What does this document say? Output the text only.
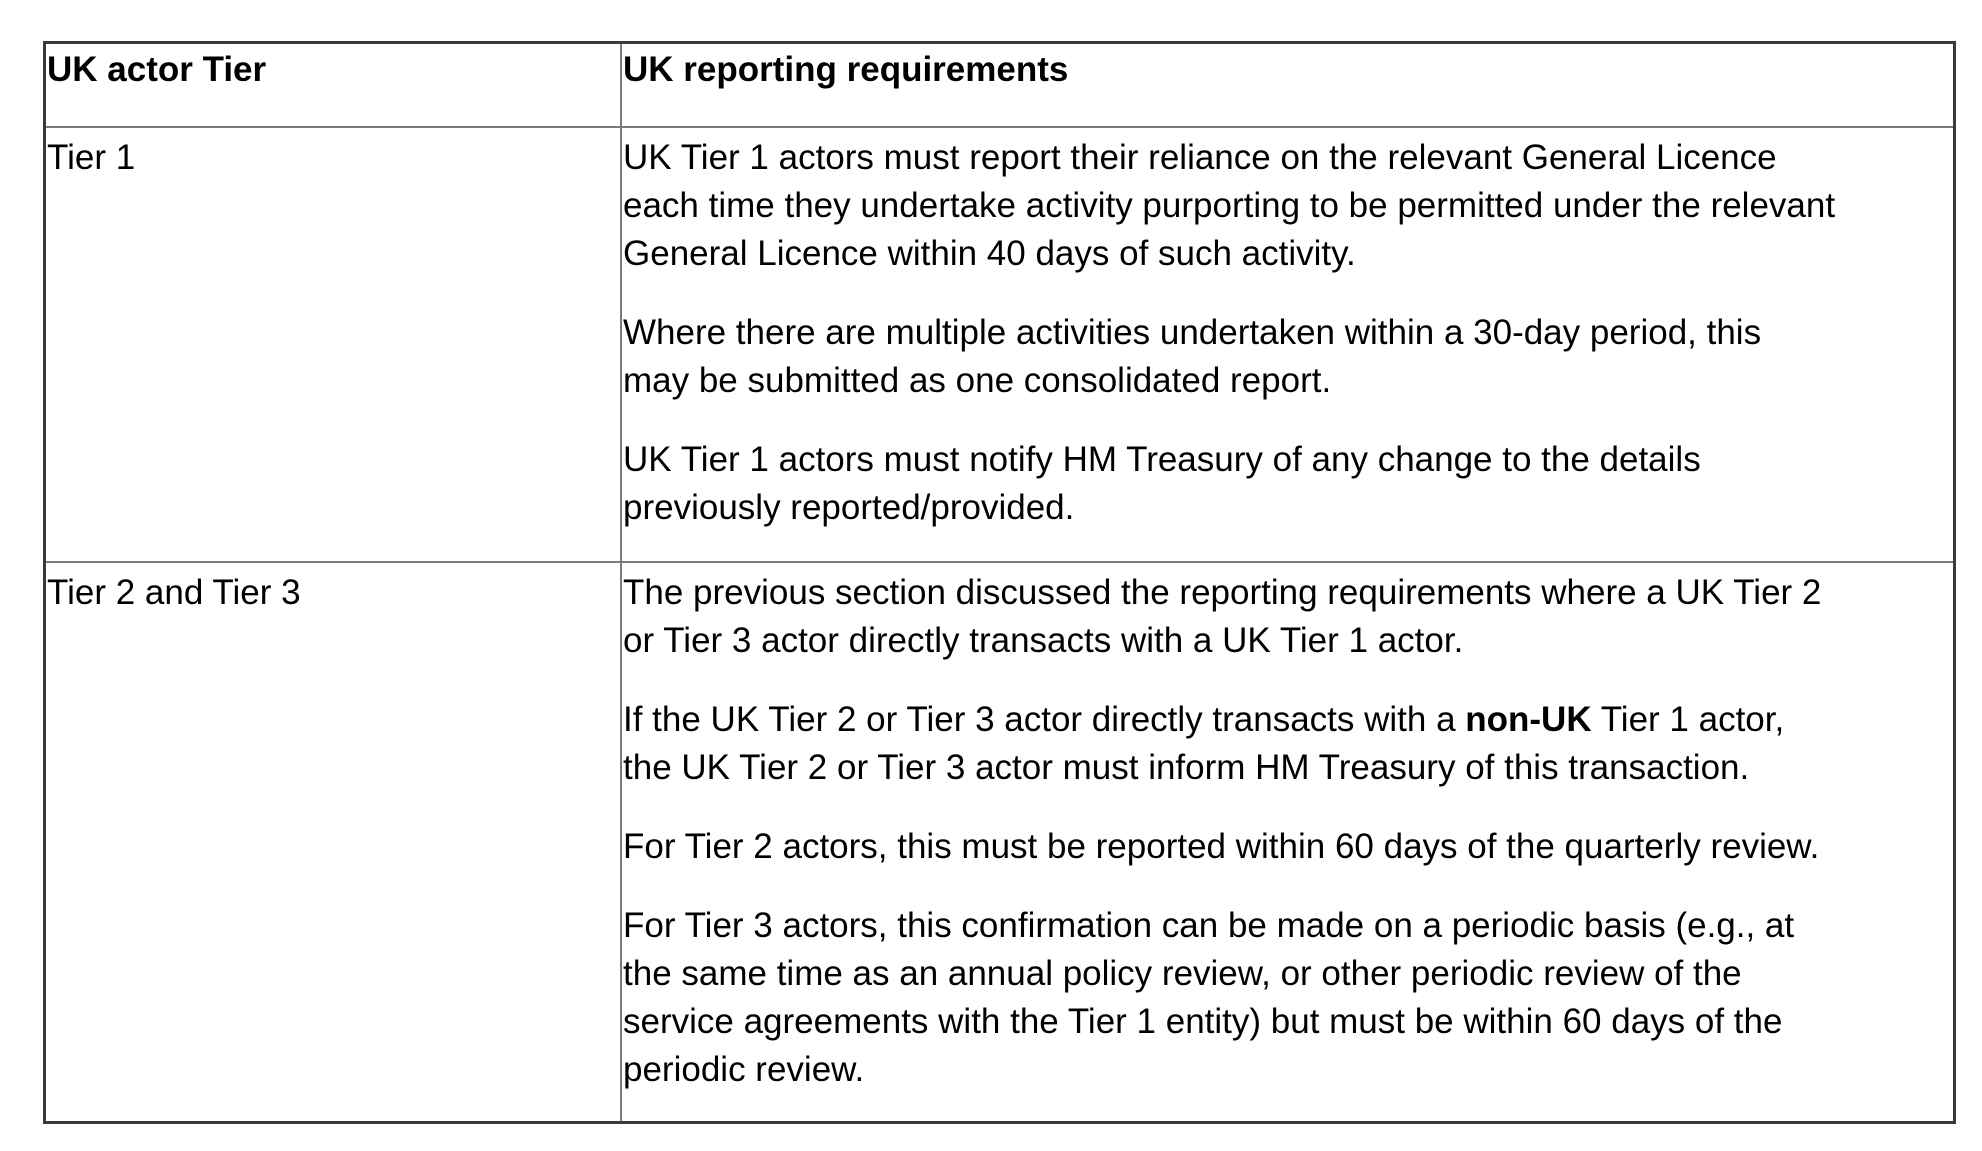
UK actor Tier	UK reporting requirements
Tier 1	UK Tier 1 actors must report their reliance on the relevant General Licence
each time they undertake activity purporting to be permitted under the relevant
General Licence within 40 days of such activity.

Where there are multiple activities undertaken within a 30-day period, this
may be submitted as one consolidated report.

UK Tier 1 actors must notify HM Treasury of any change to the details
previously reported/provided.

Tier 2 and Tier 3	The previous section discussed the reporting requirements where a UK Tier 2
or Tier 3 actor directly transacts with a UK Tier 1 actor.

If the UK Tier 2 or Tier 3 actor directly transacts with a non-UK Tier 1 actor,
the UK Tier 2 or Tier 3 actor must inform HM Treasury of this transaction.

For Tier 2 actors, this must be reported within 60 days of the quarterly review.

For Tier 3 actors, this confirmation can be made on a periodic basis (e.g., at
the same time as an annual policy review, or other periodic review of the
service agreements with the Tier 1 entity) but must be within 60 days of the
periodic review.
